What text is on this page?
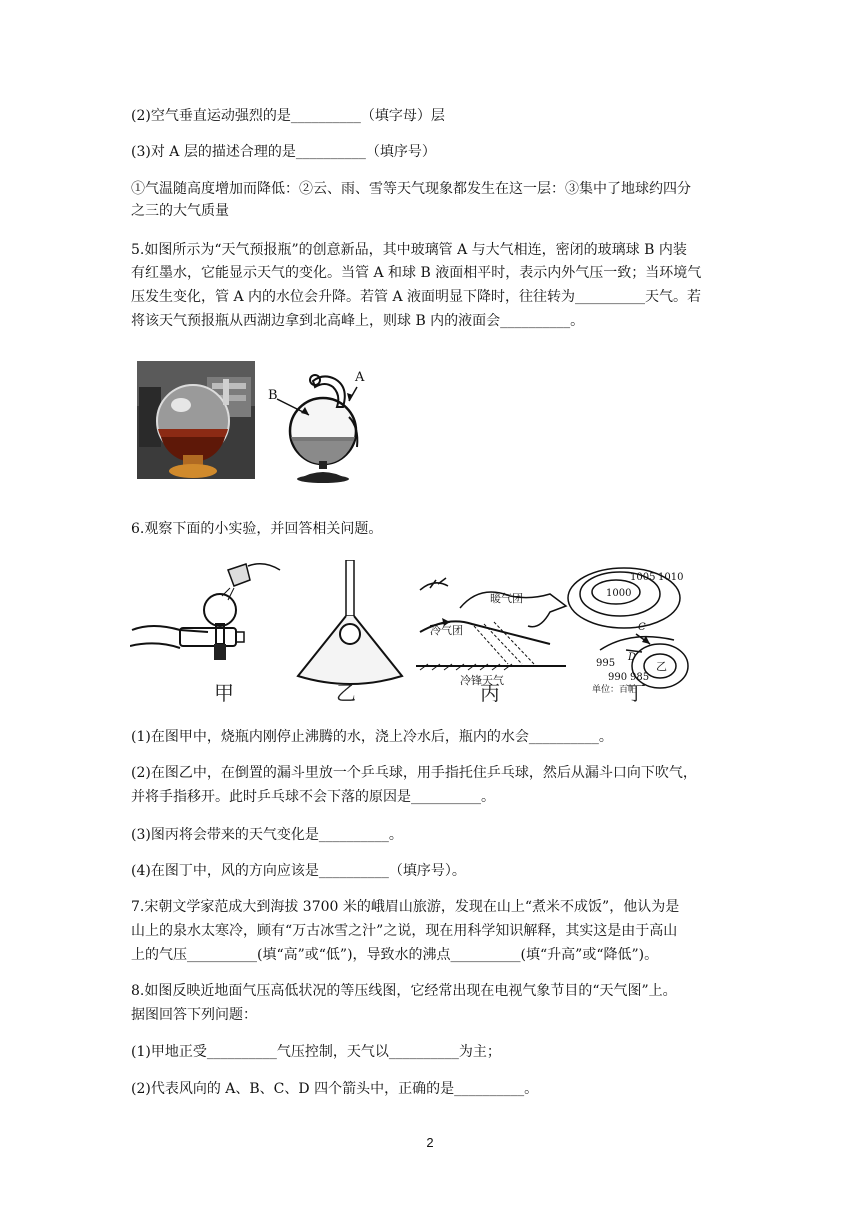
(2)空气垂直运动强烈的是__________（填字母）层
(3)对 A 层的描述合理的是__________（填序号）
①气温随高度增加而降低：②云、雨、雪等天气现象都发生在这一层：③集中了地球约四分
之三的大气质量
5.如图所示为“天气预报瓶”的创意新品，其中玻璃管 A 与大气相连，密闭的玻璃球 B 内装
有红墨水，它能显示天气的变化。当管 A 和球 B 液面相平时，表示内外气压一致；当环境气
压发生变化，管 A 内的水位会升降。若管 A 液面明显下降时，往往转为__________天气。若
将该天气预报瓶从西湖边拿到北高峰上，则球 B 内的液面会__________。
B
A
6.观察下面的小实验，并回答相关问题。
暖气团
冷气团
冷锋天气
1000
1005 1010
995
990 985
C
D
乙
单位：百帕
甲	乙	丙	丁
(1)在图甲中，烧瓶内刚停止沸腾的水，浇上冷水后，瓶内的水会__________。
(2)在图乙中，在倒置的漏斗里放一个乒乓球，用手指托住乒乓球，然后从漏斗口向下吹气，
并将手指移开。此时乒乓球不会下落的原因是__________。
(3)图丙将会带来的天气变化是__________。
(4)在图丁中，风的方向应该是__________（填序号）。
7.宋朝文学家范成大到海拔 3700 米的峨眉山旅游，发现在山上“煮米不成饭”，他认为是
山上的泉水太寒冷，顾有“万古冰雪之汁”之说，现在用科学知识解释，其实这是由于高山
上的气压__________(填“高”或“低”)，导致水的沸点__________(填“升高”或“降低”)。
8.如图反映近地面气压高低状况的等压线图，它经常出现在电视气象节目的“天气图”上。
据图回答下列问题：
(1)甲地正受__________气压控制，天气以__________为主；
(2)代表风向的 A、B、C、D 四个箭头中，正确的是__________。
2
